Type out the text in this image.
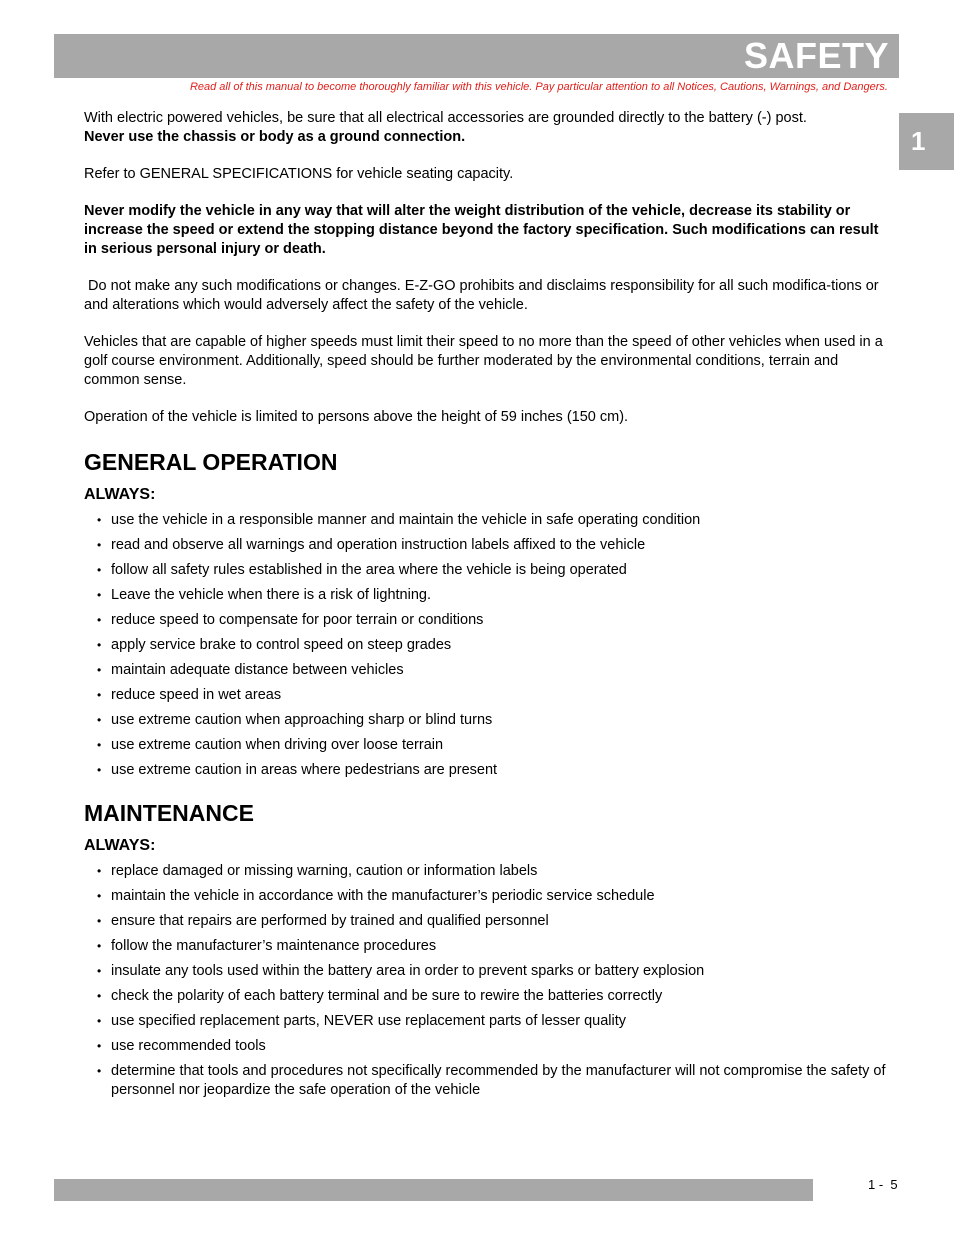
SAFETY
Read all of this manual to become thoroughly familiar with this vehicle. Pay particular attention to all Notices, Cautions, Warnings, and Dangers.
1

With electric powered vehicles, be sure that all electrical accessories are grounded directly to the battery (-) post.
Never use the chassis or body as a ground connection.

Refer to GENERAL SPECIFICATIONS for vehicle seating capacity.

Never modify the vehicle in any way that will alter the weight distribution of the vehicle, decrease its stability or increase the speed or extend the stopping distance beyond the factory specification. Such modifications can result in serious personal injury or death.

Do not make any such modifications or changes. E-Z-GO prohibits and disclaims responsibility for all such modifica-tions or and alterations which would adversely affect the safety of the vehicle.

Vehicles that are capable of higher speeds must limit their speed to no more than the speed of other vehicles when used in a golf course environment. Additionally, speed should be further moderated by the environmental conditions, terrain and common sense.

Operation of the vehicle is limited to persons above the height of 59 inches (150 cm).

GENERAL OPERATION
ALWAYS:
• use the vehicle in a responsible manner and maintain the vehicle in safe operating condition
• read and observe all warnings and operation instruction labels affixed to the vehicle
• follow all safety rules established in the area where the vehicle is being operated
• Leave the vehicle when there is a risk of lightning.
• reduce speed to compensate for poor terrain or conditions
• apply service brake to control speed on steep grades
• maintain adequate distance between vehicles
• reduce speed in wet areas
• use extreme caution when approaching sharp or blind turns
• use extreme caution when driving over loose terrain
• use extreme caution in areas where pedestrians are present
MAINTENANCE
ALWAYS:
• replace damaged or missing warning, caution or information labels
• maintain the vehicle in accordance with the manufacturer’s periodic service schedule
• ensure that repairs are performed by trained and qualified personnel
• follow the manufacturer’s maintenance procedures
• insulate any tools used within the battery area in order to prevent sparks or battery explosion
• check the polarity of each battery terminal and be sure to rewire the batteries correctly
• use specified replacement parts, NEVER use replacement parts of lesser quality
• use recommended tools
• determine that tools and procedures not specifically recommended by the manufacturer will not compromise the safety of personnel nor jeopardize the safe operation of the vehicle
1 -  5
